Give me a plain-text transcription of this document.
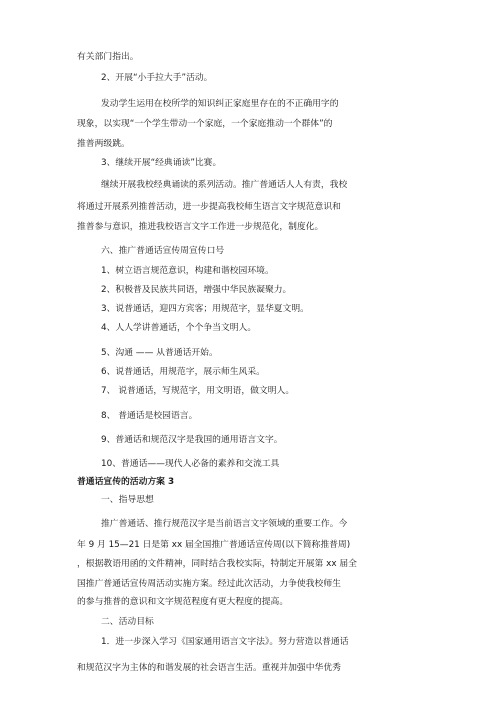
有关部门指出。
2、开展“小手拉大手”活动。
发动学生运用在校所学的知识纠正家庭里存在的不正确用字的
现象，以实现“一个学生带动一个家庭，一个家庭推动一个群体”的
推普两级跳。
3、继续开展“经典诵读”比赛。
继续开展我校经典诵读的系列活动。推广普通话人人有责，我校
将通过开展系列推普活动，进一步提高我校师生语言文字规范意识和
推普参与意识，推进我校语言文字工作进一步规范化，制度化。
六、推广普通话宣传周宣传口号
1、树立语言规范意识，构建和谐校园环境。
2、积极普及民族共同语，增强中华民族凝聚力。
3、说普通话，迎四方宾客；用规范字，显华夏文明。
4、人人学讲普通话，个个争当文明人。
5、沟通 —— 从普通话开始。
6、说普通话，用规范字，展示师生风采。
7、 说普通话，写规范字，用文明语，做文明人。
8、 普通话是校园语言。
9、普通话和规范汉字是我国的通用语言文字。
10、普通话——现代人必备的素养和交流工具
普通话宣传的活动方案 3
一、指导思想
推广普通话、推行规范汉字是当前语言文字领域的重要工作。今
年 9 月 15—21 日是第 xx 届全国推广普通话宣传周(以下简称推普周)
，根据教语用函的文件精神，同时结合我校实际，特制定开展第 xx 届全
国推广普通话宣传周活动实施方案。经过此次活动，力争使我校师生
的参与推普的意识和文字规范程度有更大程度的提高。
二、活动目标
1．进一步深入学习《国家通用语言文字法》。努力营造以普通话
和规范汉字为主体的和谐发展的社会语言生活。重视并加强中华优秀
